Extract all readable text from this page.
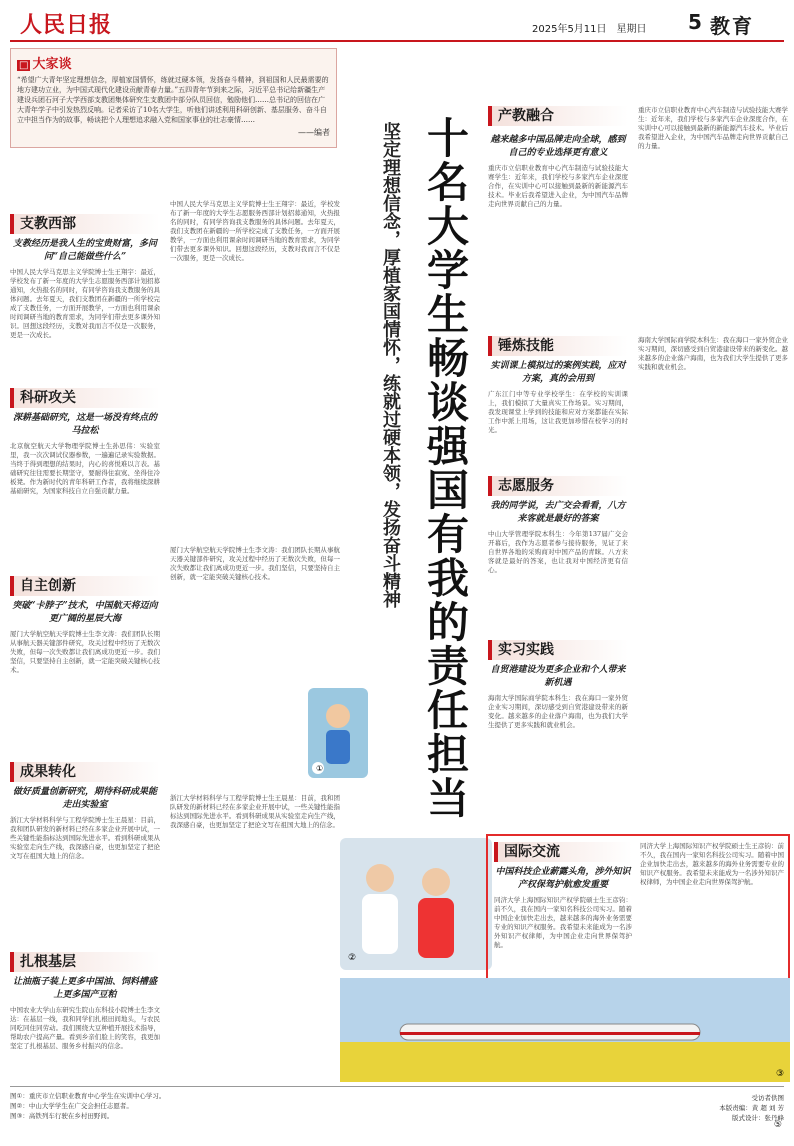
人民日报	2025年5月11日　星期日 5 教育
□ 大家谈

“希望广大青年坚定理想信念，厚植家国情怀，练就过硬本领，发扬奋斗精神，到祖国和人民最需要的地方建功立业，为中国式现代化建设贡献青春力量。”五四青年节到来之际，习近平总书记给新疆生产建设兵团石河子大学西部支教团集体研究生支教团中部分队员回信，勉励他们……总书记的回信在广大青年学子中引发热烈反响。记者采访了10名大学生，听他们讲述利用科研创新、基层服务、奋斗自立中担当作为的故事，畅谈把个人理想追求融入党和国家事业的壮志豪情……

——编者	坚定理想信念，厚植家国情怀，练就过硬本领，发扬奋斗精神 十名大学生畅谈强国有我的责任担当
支教西部
支教经历是我人生的宝贵财富，多问问“自己能做些什么”
中国人民大学马克思主义学院博士生王翔宇：最近，学校发布了新一年度的大学生志愿服务西部计划招募通知，火热报名的同时，有同学咨询我支教服务的具体问题。去年夏天，我们支教团在新疆的一所学校完成了支教任务，一方面开展教学，一方面也利用课余时间调研当地的教育需求，为同学们带去更多课外知识。回想这段经历，支教对我而言不仅是一次服务，更是一次成长。
科研攻关
深耕基础研究，这是一场没有终点的马拉松
北京航空航天大学物理学院博士生孙思伟：实验室里，我一次次调试仪器参数，一遍遍记录实验数据。当终于得到理想的结果时，内心的喜悦难以言表。基础研究往往需要长期坚守，要耐得住寂寞、坐得住冷板凳。作为新时代的青年科研工作者，我将继续深耕基础研究，为国家科技自立自强贡献力量。
自主创新
突破“卡脖子”技术，中国航天将迈向更广阔的星辰大海
厦门大学航空航天学院博士生李文涛：我们团队长期从事航天器关键部件研究，攻关过程中经历了无数次失败，但每一次失败都让我们离成功更近一步。我们坚信，只要坚持自主创新，就一定能突破关键核心技术。
成果转化
做好质量创新研究，期待科研成果能走出实验室
浙江大学材料科学与工程学院博士生王晨星：目前，我和团队研发的新材料已经在多家企业开展中试，一些关键性能指标达到国际先进水平。看到科研成果从实验室走向生产线，我深感自豪，也更加坚定了把论文写在祖国大地上的信念。
扎根基层
让油瓶子装上更多中国油、饲料槽盛上更多国产豆粕
中国农业大学山东研究生院山东科技小院博士生李文达：在基层一线，我和同学们扎根田间地头，与农民同吃同住同劳动。我们围绕大豆种植开展技术指导，帮助农户提高产量。看到乡亲们脸上的笑容，我更加坚定了扎根基层、服务乡村振兴的信念。
中国人民大学马克思主义学院博士生王翔宇：最近，学校发布了新一年度的大学生志愿服务西部计划招募通知，火热报名的同时，有同学咨询我支教服务的具体问题。去年夏天，我们支教团在新疆的一所学校完成了支教任务，一方面开展教学，一方面也利用课余时间调研当地的教育需求，为同学们带去更多课外知识。回想这段经历，支教对我而言不仅是一次服务，更是一次成长。
①
厦门大学航空航天学院博士生李文涛：我们团队长期从事航天器关键部件研究，攻关过程中经历了无数次失败，但每一次失败都让我们离成功更近一步。我们坚信，只要坚持自主创新，就一定能突破关键核心技术。
浙江大学材料科学与工程学院博士生王晨星：目前，我和团队研发的新材料已经在多家企业开展中试，一些关键性能指标达到国际先进水平。看到科研成果从实验室走向生产线，我深感自豪，也更加坚定了把论文写在祖国大地上的信念。
②
产教融合
越来越多中国品牌走向全球，感到自己的专业选择更有意义
重庆市立信职业教育中心汽车制造与试验技能大赛学生：近年来，我们学校与多家汽车企业深度合作，在实训中心可以接触到最新的新能源汽车技术。毕业后我希望进入企业，为中国汽车品牌走向世界贡献自己的力量。
重庆市立信职业教育中心汽车制造与试验技能大赛学生：近年来，我们学校与多家汽车企业深度合作，在实训中心可以接触到最新的新能源汽车技术。毕业后我希望进入企业，为中国汽车品牌走向世界贡献自己的力量。
锤炼技能
实训课上模拟过的案例实践，应对方案，真的会用到
广东江门中等专业学校学生：在学校的实训课上，我们模拟了大量真实工作场景。实习期间，我发现课堂上学到的技能和应对方案都能在实际工作中派上用场，这让我更加珍惜在校学习的时光。
志愿服务
我的同学说，去广交会看看，八方来客就是最好的答案
中山大学管理学院本科生：今年第137届广交会开幕后，我作为志愿者参与接待服务，见证了来自世界各地的采购商对中国产品的青睐。八方来客就是最好的答案，也让我对中国经济更有信心。
实习实践
自贸港建设为更多企业和个人带来新机遇
海南大学国际商学院本科生：我在海口一家外贸企业实习期间，深切感受到自贸港建设带来的新变化。越来越多的企业落户海南，也为我们大学生提供了更多实践和就业机会。
海南大学国际商学院本科生：我在海口一家外贸企业实习期间，深切感受到自贸港建设带来的新变化。越来越多的企业落户海南，也为我们大学生提供了更多实践和就业机会。
国际交流
中国科技企业薪露头角，涉外知识产权保驾护航愈发重要
同济大学上海国际知识产权学院硕士生王彦钧：前不久，我在国内一家知名科技公司实习。随着中国企业加快走出去，越来越多的海外业务需要专业的知识产权服务。我希望未来能成为一名涉外知识产权律师，为中国企业走向世界保驾护航。
同济大学上海国际知识产权学院硕士生王彦钧：前不久，我在国内一家知名科技公司实习。随着中国企业加快走出去，越来越多的海外业务需要专业的知识产权服务。我希望未来能成为一名涉外知识产权律师，为中国企业走向世界保驾护航。
③

图①：重庆市立信职业教育中心学生在实训中心学习。

图②：中山大学学生在广交会担任志愿者。

图③：高铁列车行驶在乡村田野间。

受访者供图
本版责编：黄 超 刘 芳
版式设计：张丹峰
⑤
